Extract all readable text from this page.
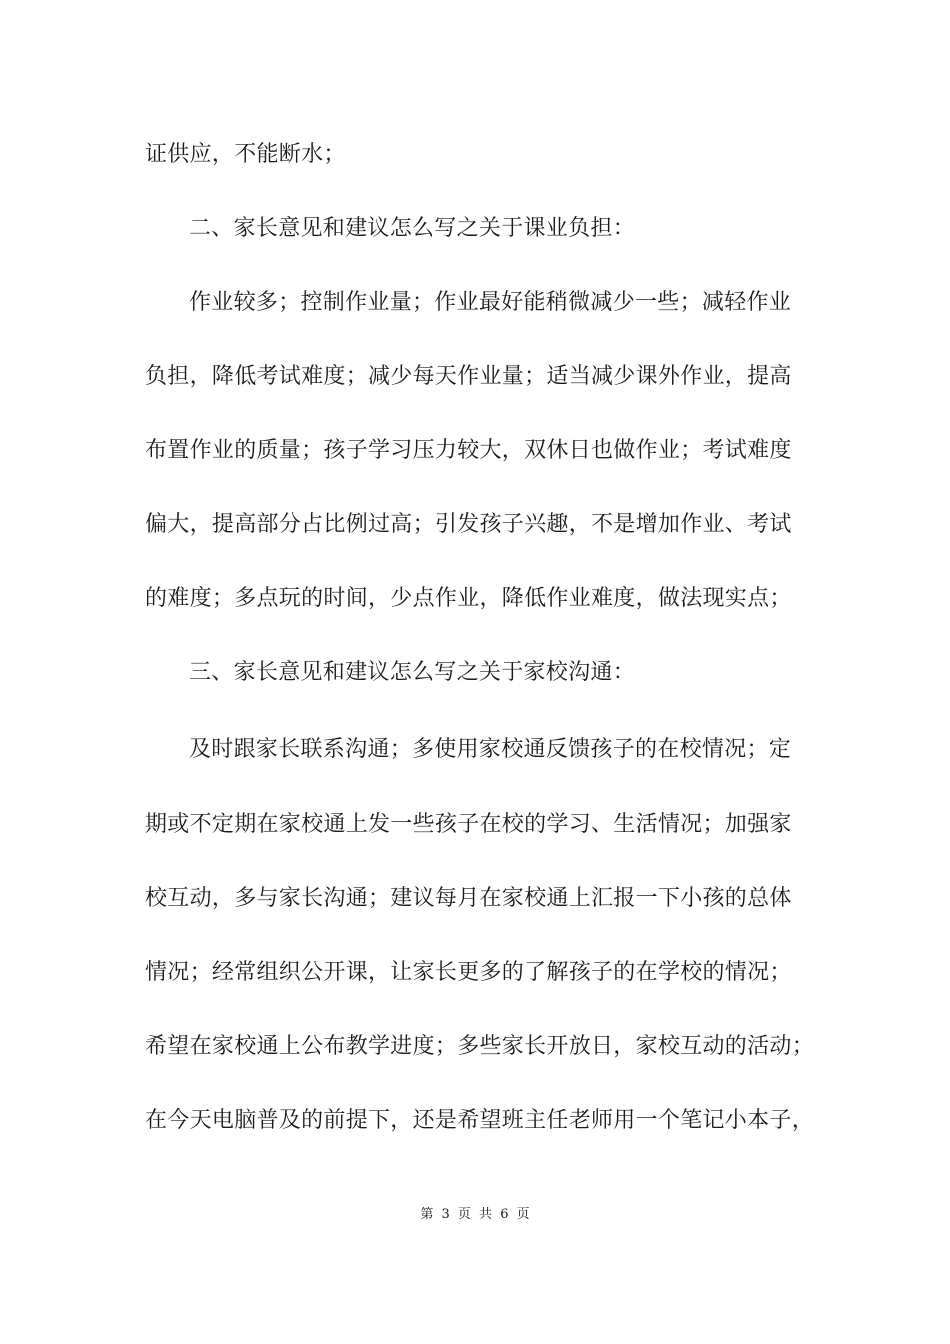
证供应，不能断水；
二、家长意见和建议怎么写之关于课业负担：
作业较多；控制作业量；作业最好能稍微减少一些；减轻作业
负担，降低考试难度；减少每天作业量；适当减少课外作业，提高
布置作业的质量；孩子学习压力较大，双休日也做作业；考试难度
偏大，提高部分占比例过高；引发孩子兴趣，不是增加作业、考试
的难度；多点玩的时间，少点作业，降低作业难度，做法现实点；
三、家长意见和建议怎么写之关于家校沟通：
及时跟家长联系沟通；多使用家校通反馈孩子的在校情况；定
期或不定期在家校通上发一些孩子在校的学习、生活情况；加强家
校互动，多与家长沟通；建议每月在家校通上汇报一下小孩的总体
情况；经常组织公开课，让家长更多的了解孩子的在学校的情况；
希望在家校通上公布教学进度；多些家长开放日，家校互动的活动；
在今天电脑普及的前提下，还是希望班主任老师用一个笔记小本子，
第 3 页 共 6 页
